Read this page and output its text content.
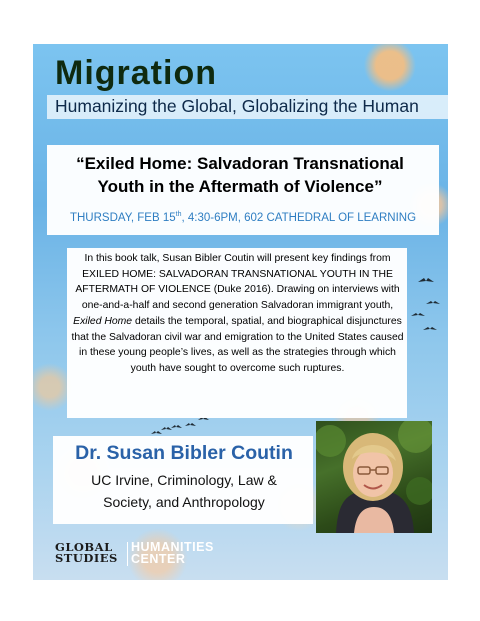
Migration
Humanizing the Global, Globalizing the Human
“Exiled Home: Salvadoran Transnational
Youth in the Aftermath of Violence”
THURSDAY, FEB 15th, 4:30-6PM, 602 CATHEDRAL OF LEARNING
In this book talk, Susan Bibler Coutin will present key findings from EXILED HOME: SALVADORAN TRANSNATIONAL YOUTH IN THE AFTERMATH OF VIOLENCE (Duke 2016). Drawing on interviews with one-and-a-half and second generation Salvadoran immigrant youth, Exiled Home details the temporal, spatial, and biographical disjunctures that the Salvadoran civil war and emigration to the United States caused in these young people’s lives, as well as the strategies through which youth have sought to overcome such ruptures.
Dr. Susan Bibler Coutin
UC Irvine, Criminology, Law &
Society, and Anthropology
GLOBAL
STUDIES
HUMANITIES
CENTER
